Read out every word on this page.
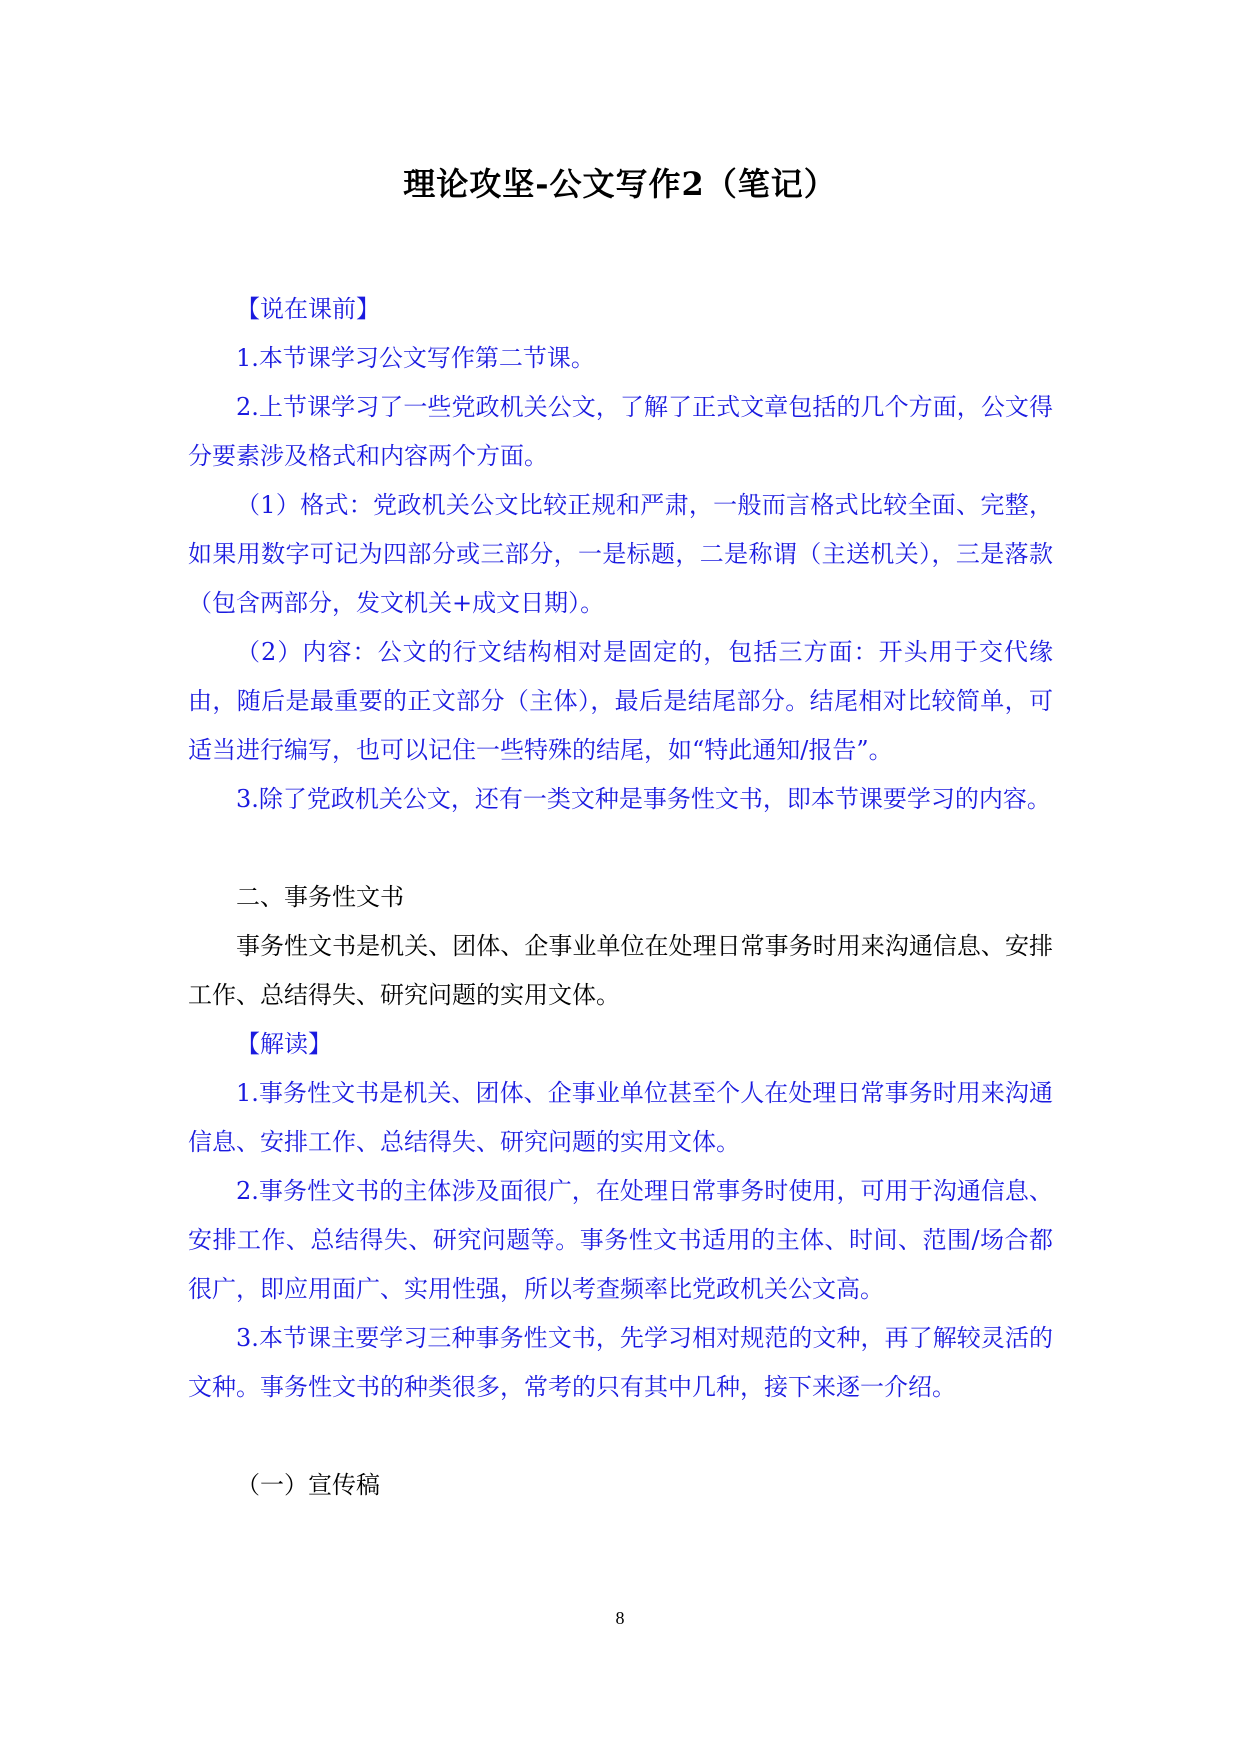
理论攻坚-公文写作2（笔记）

【说在课前】

1.本节课学习公文写作第二节课。

2.上节课学习了一些党政机关公文，了解了正式文章包括的几个方面，公文得分要素涉及格式和内容两个方面。

（1）格式：党政机关公文比较正规和严肃，一般而言格式比较全面、完整，如果用数字可记为四部分或三部分，一是标题，二是称谓（主送机关），三是落款（包含两部分，发文机关+成文日期）。

（2）内容：公文的行文结构相对是固定的，包括三方面：开头用于交代缘由，随后是最重要的正文部分（主体），最后是结尾部分。结尾相对比较简单，可适当进行编写，也可以记住一些特殊的结尾，如“特此通知/报告”。

3.除了党政机关公文，还有一类文种是事务性文书，即本节课要学习的内容。

二、事务性文书

事务性文书是机关、团体、企事业单位在处理日常事务时用来沟通信息、安排工作、总结得失、研究问题的实用文体。

【解读】

1.事务性文书是机关、团体、企事业单位甚至个人在处理日常事务时用来沟通信息、安排工作、总结得失、研究问题的实用文体。

2.事务性文书的主体涉及面很广，在处理日常事务时使用，可用于沟通信息、安排工作、总结得失、研究问题等。事务性文书适用的主体、时间、范围/场合都很广，即应用面广、实用性强，所以考查频率比党政机关公文高。

3.本节课主要学习三种事务性文书，先学习相对规范的文种，再了解较灵活的文种。事务性文书的种类很多，常考的只有其中几种，接下来逐一介绍。

（一）宣传稿

8
